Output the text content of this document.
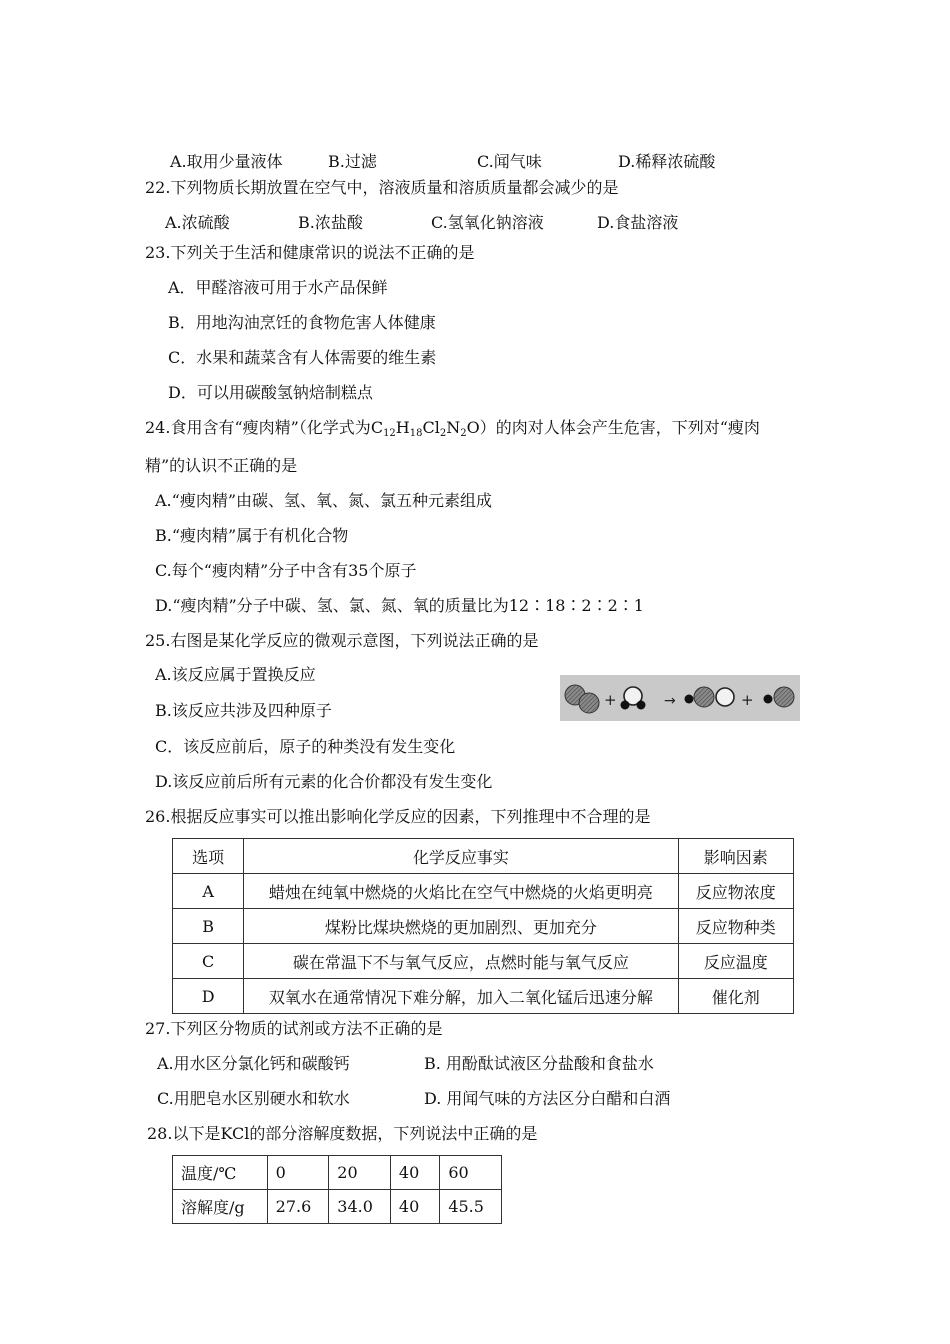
A.取用少量液体	B.过滤	C.闻气味	D.稀释浓硫酸
22.下列物质长期放置在空气中，溶液质量和溶质质量都会减少的是
A.浓硫酸	B.浓盐酸	C.氢氧化钠溶液	D.食盐溶液
23.下列关于生活和健康常识的说法不正确的是
A．甲醛溶液可用于水产品保鲜
B．用地沟油烹饪的食物危害人体健康
C．水果和蔬菜含有人体需要的维生素
D．可以用碳酸氢钠焙制糕点
24.食用含有“瘦肉精”（化学式为$C_{12}H_{18}Cl_2N_2O$）的肉对人体会产生危害，下列对“瘦肉
精”的认识不正确的是
A.“瘦肉精”由碳、氢、氧、氮、氯五种元素组成
B.“瘦肉精”属于有机化合物
C.每个“瘦肉精”分子中含有35个原子
D.“瘦肉精”分子中碳、氢、氯、氮、氧的质量比为12∶18∶2∶2∶1
25.右图是某化学反应的微观示意图，下列说法正确的是
A.该反应属于置换反应
B.该反应共涉及四种原子
C．该反应前后，原子的种类没有发生变化
D.该反应前后所有元素的化合价都没有发生变化
+	→	+
26.根据反应事实可以推出影响化学反应的因素，下列推理中不合理的是
选项	化学反应事实	影响因素
A	蜡烛在纯氧中燃烧的火焰比在空气中燃烧的火焰更明亮	反应物浓度
B	煤粉比煤块燃烧的更加剧烈、更加充分	反应物种类
C	碳在常温下不与氧气反应，点燃时能与氧气反应	反应温度
D	双氧水在通常情况下难分解，加入二氧化锰后迅速分解	催化剂
27.下列区分物质的试剂或方法不正确的是
A.用水区分氯化钙和碳酸钙	B. 用酚酞试液区分盐酸和食盐水
C.用肥皂水区别硬水和软水	D. 用闻气味的方法区分白醋和白酒
28.以下是KCl的部分溶解度数据，下列说法中正确的是
温度/℃	0	20	40	60
溶解度/g	27.6	34.0	40	45.5
